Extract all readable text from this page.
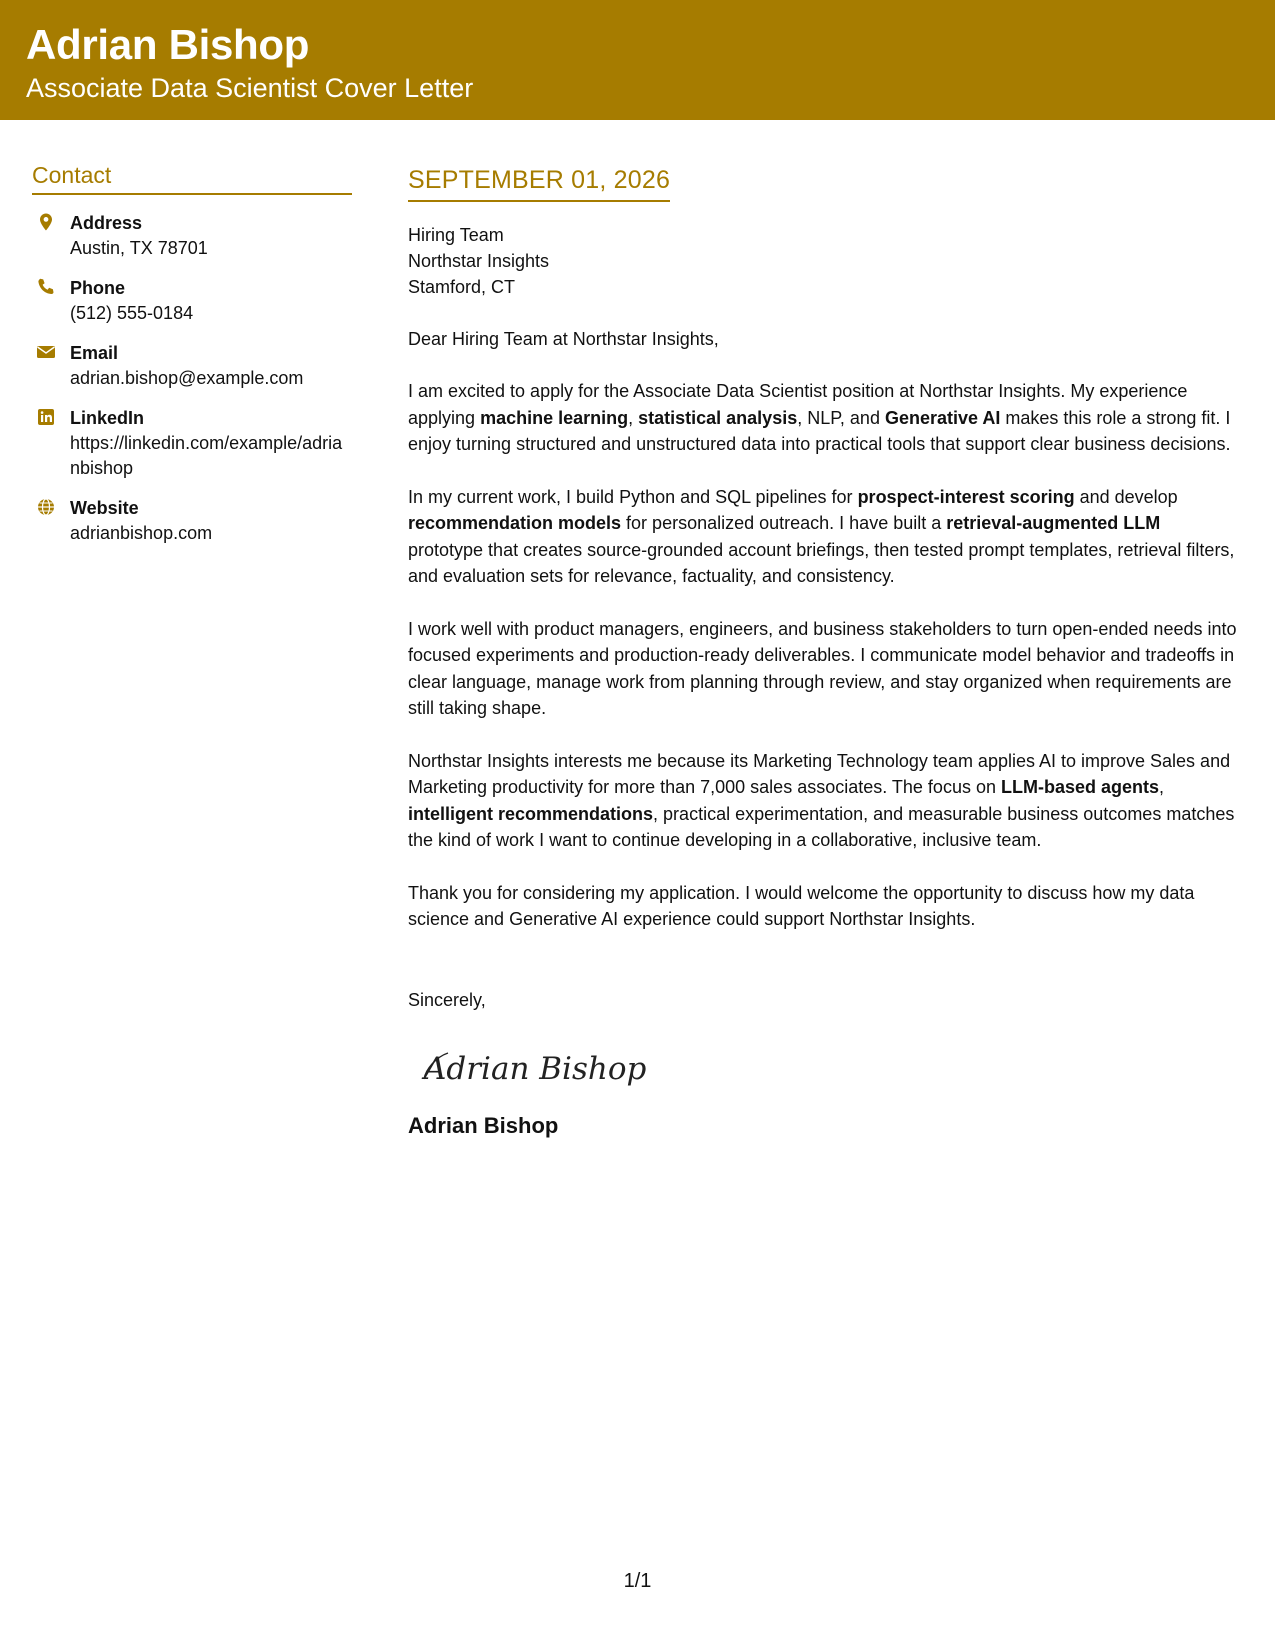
Adrian Bishop
Associate Data Scientist Cover Letter
Contact
Address
Austin, TX 78701
Phone
(512) 555-0184
Email
adrian.bishop@example.com
LinkedIn
https://linkedin.com/example/adrianbishop
Website
adrianbishop.com
SEPTEMBER 01, 2026
Hiring Team
Northstar Insights
Stamford, CT
Dear Hiring Team at Northstar Insights,
I am excited to apply for the Associate Data Scientist position at Northstar Insights. My experience applying machine learning, statistical analysis, NLP, and Generative AI makes this role a strong fit. I enjoy turning structured and unstructured data into practical tools that support clear business decisions.
In my current work, I build Python and SQL pipelines for prospect-interest scoring and develop recommendation models for personalized outreach. I have built a retrieval-augmented LLM prototype that creates source-grounded account briefings, then tested prompt templates, retrieval filters, and evaluation sets for relevance, factuality, and consistency.
I work well with product managers, engineers, and business stakeholders to turn open-ended needs into focused experiments and production-ready deliverables. I communicate model behavior and tradeoffs in clear language, manage work from planning through review, and stay organized when requirements are still taking shape.
Northstar Insights interests me because its Marketing Technology team applies AI to improve Sales and Marketing productivity for more than 7,000 sales associates. The focus on LLM-based agents, intelligent recommendations, practical experimentation, and measurable business outcomes matches the kind of work I want to continue developing in a collaborative, inclusive team.
Thank you for considering my application. I would welcome the opportunity to discuss how my data science and Generative AI experience could support Northstar Insights.
Sincerely,
Adrian Bishop
Adrian Bishop
1/1
